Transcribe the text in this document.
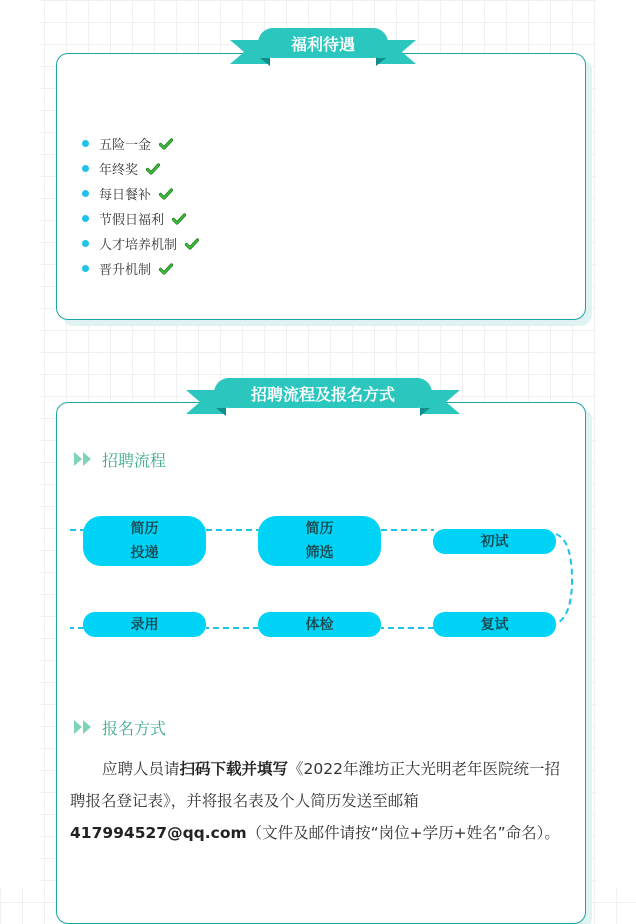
福利待遇
五险一金
年终奖
每日餐补
节假日福利
人才培养机制
晋升机制
招聘流程及报名方式
招聘流程
简历
投递
简历
筛选
初试
复试
体检
录用
报名方式
应聘人员请扫码下载并填写《2022年潍坊正大光明老年医院统一招聘报名登记表》，并将报名表及个人简历发送至邮箱417994527@qq.com（文件及邮件请按“岗位+学历+姓名”命名）。
